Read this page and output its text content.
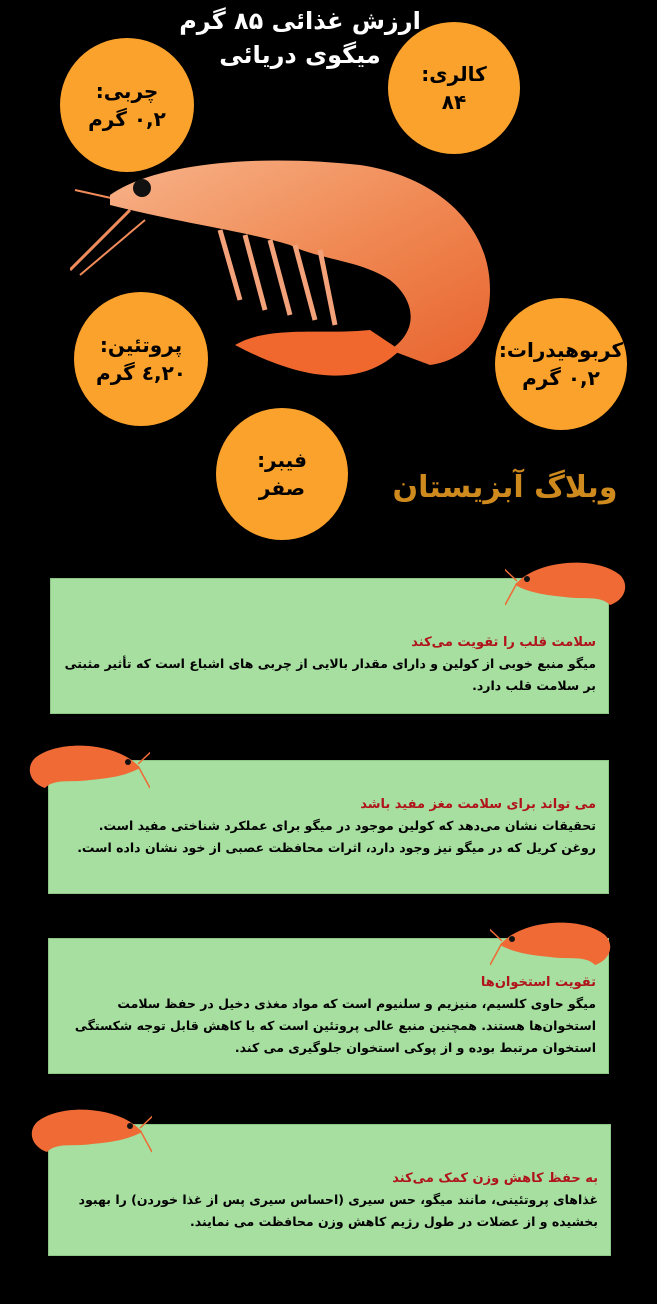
ارزش غذائی ۸۵ گرم
میگوی دریائی
چربی:
۰,۲ گرم
کالری:
۸۴
پروتئین:
۲۰,٤ گرم
کربوهیدرات:
۰,۲ گرم
فیبر:
صفر	وبلاگ آبزیستان
سلامت قلب را تقویت می‌کند

میگو منبع خوبی از کولین و دارای مقدار بالایی از چربی های اشباع است که تأثیر مثبتی بر سلامت قلب دارد.

می تواند برای سلامت مغز مفید باشد

تحقیقات نشان می‌دهد که کولین موجود در میگو برای عملکرد شناختی مفید است. روغن کریل که در میگو نیز وجود دارد، اثرات محافظت عصبی از خود نشان داده است.

تقویت استخوان‌ها

میگو حاوی کلسیم، منیزیم و سلنیوم است که مواد مغذی دخیل در حفظ سلامت استخوان‌ها هستند. همچنین منبع عالی پروتئین است که با کاهش قابل توجه شکستگی استخوان مرتبط بوده و از پوکی استخوان جلوگیری می کند.

به حفظ کاهش وزن کمک می‌کند

غذاهای پروتئینی، مانند میگو، حس سیری (احساس سیری پس از غذا خوردن) را بهبود بخشیده و از عضلات در طول رژیم کاهش وزن محافظت می نمایند.
